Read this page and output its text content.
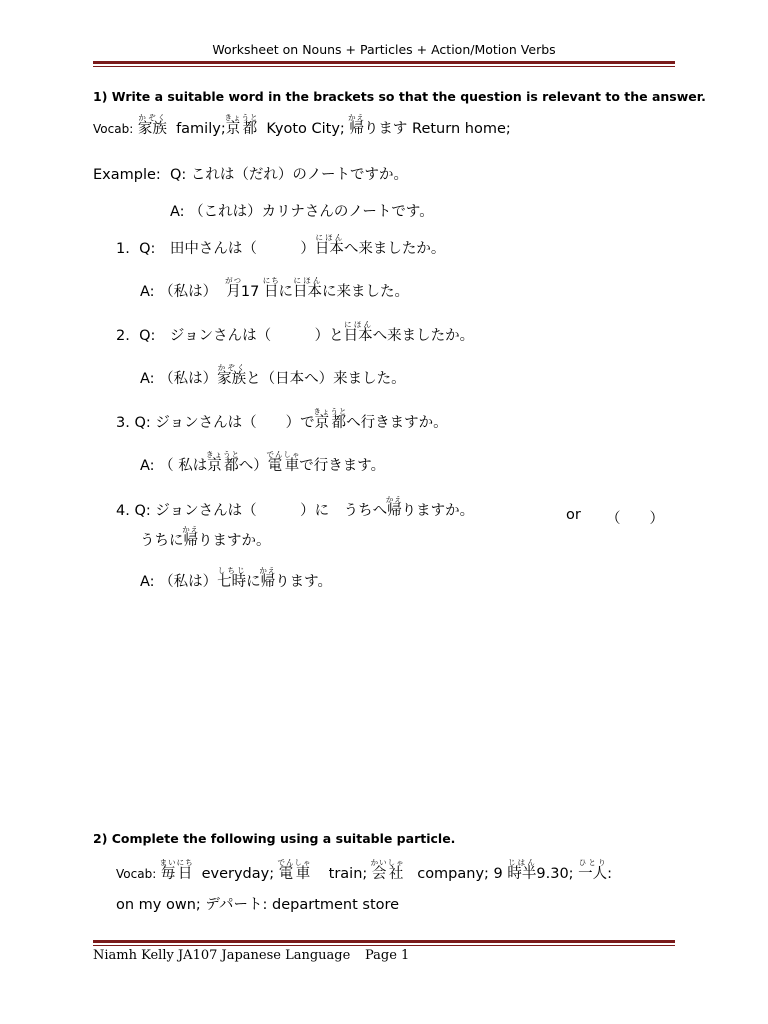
Worksheet on Nouns + Particles + Action/Motion Verbs
1) Write a suitable word in the brackets so that the question is relevant to the answer.
Vocab: 家族かぞく  family;京都きょうと  Kyoto City; 帰かえります Return home;
Example: Q: これは（だれ）のノートですか。
A: （これは）カリナさんのノートです。
1. Q:　田中さんは（　　　）日本にほんへ来ましたか。
A: （私は） 月がつ17 日にちに日本にほんに来ました。
2. Q:　ジョンさんは（　　　）と日本にほんへ来ましたか。
A: （私は）家族かぞくと（日本へ）来ました。
3. Q: ジョンさんは（　　）で京都きょうとへ行きますか。
A: （ 私は京都きょうとへ）電車でんしゃで行きます。
4. Q: ジョンさんは（　　　）に　うちへ帰かえりますか。	or （　　）
うちに帰かえりますか。
A: （私は）七時しちじに帰かえります。
2) Complete the following using a suitable particle.
Vocab: 毎日まいにち  everyday; 電車でんしゃ    train; 会社かいしゃ   company; 9 時半じはん9.30; 一人ひとり:
on my own; デパート: department store
Niamh Kelly JA107 Japanese Language Page 1
